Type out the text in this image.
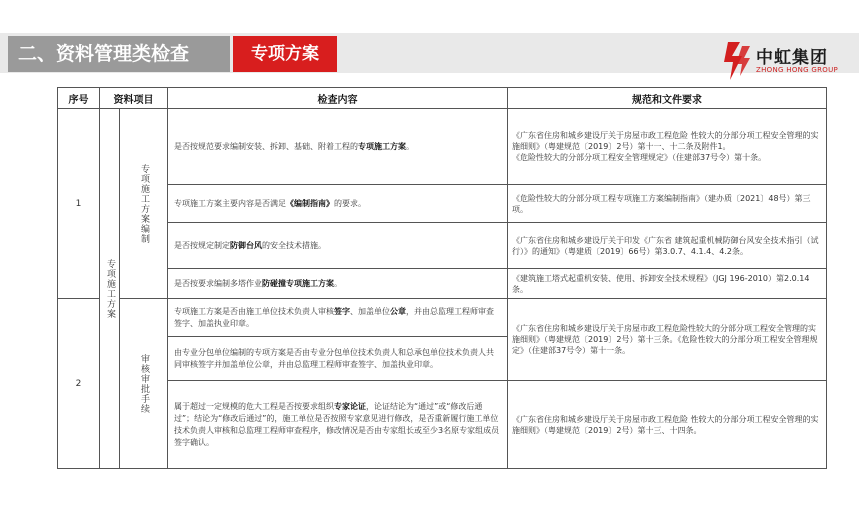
二、资料管理类检查	专项方案	中虹集团
ZHONG HONG GROUP
序号	资料项目		检查内容	规范和文件要求
1	专项施工方案	专项施工方案编制	是否按规范要求编制安装、拆卸、基础、附着工程的专项施工方案。	《广东省住房和城乡建设厅关于房屋市政工程危险 性较大的分部分项工程安全管理的实施细则》（粤建规范〔2019〕2号）第十一、十二条及附件1。
《危险性较大的分部分项工程安全管理规定》（住建部37号令）第十条。

			专项施工方案主要内容是否满足《编制指南》的要求。	《危险性较大的分部分项工程专项施工方案编制指南》（建办质〔2021〕48号）第三项。

			是否按规定制定防御台风的安全技术措施。	《广东省住房和城乡建设厅关于印发《广东省 建筑起重机械防御台风安全技术指引（试行）》的通知》（粤建质〔2019〕66号）第3.0.7、4.1.4、4.2条。

			是否按要求编制多塔作业防碰撞专项施工方案。	《建筑施工塔式起重机安装、使用、拆卸安全技术规程》（JGJ 196-2010）第2.0.14条。

2		审核审批手续	专项施工方案是否由施工单位技术负责人审核签字、加盖单位公章，并由总监理工程师审查签字、加盖执业印章。	《广东省住房和城乡建设厅关于房屋市政工程危险性较大的分部分项工程安全管理的实施细则》（粤建规范〔2019〕2号）第十三条。《危险性较大的分部分项工程安全管理规定》（住建部37号令）第十一条。

			由专业分包单位编制的专项方案是否由专业分包单位技术负责人和总承包单位技术负责人共同审核签字并加盖单位公章，并由总监理工程师审查签字、加盖执业印章。	
			属于超过一定规模的危大工程是否按要求组织专家论证，论证结论为“通过”或“修改后通过”；结论为“修改后通过”的，施工单位是否按照专家意见进行修改，是否重新履行施工单位技术负责人审核和总监理工程师审查程序，修改情况是否由专家组长或至少3名原专家组成员签字确认。	《广东省住房和城乡建设厅关于房屋市政工程危险 性较大的分部分项工程安全管理的实施细则》（粤建规范〔2019〕2号）第十三、十四条。
